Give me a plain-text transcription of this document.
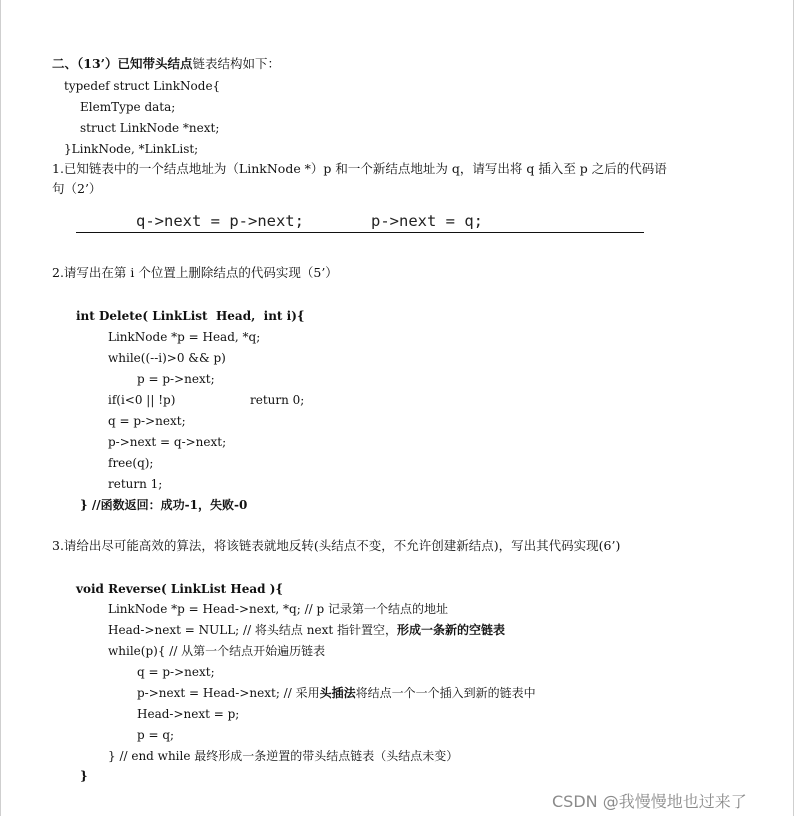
二、（13’）已知带头结点链表结构如下：
typedef struct LinkNode{
ElemType data;
struct LinkNode *next;
}LinkNode, *LinkList;
1.已知链表中的一个结点地址为（LinkNode *）p 和一个新结点地址为 q，请写出将 q 插入至 p 之后的代码语
句（2’）
q->next = p->next;	p->next = q;
2.请写出在第 i 个位置上删除结点的代码实现（5’）
int Delete( LinkList  Head,  int i){
LinkNode *p = Head, *q;
while((--i)>0 && p)
p = p->next;
if(i<0 || !p)	return 0;
q = p->next;
p->next = q->next;
free(q);
return 1;
} //函数返回：成功-1，失败-0
3.请给出尽可能高效的算法，将该链表就地反转(头结点不变，不允许创建新结点)，写出其代码实现(6’)
void Reverse( LinkList Head ){
LinkNode *p = Head->next, *q; // p 记录第一个结点的地址
Head->next = NULL; // 将头结点 next 指针置空，形成一条新的空链表
while(p){ // 从第一个结点开始遍历链表
q = p->next;
p->next = Head->next; // 采用头插法将结点一个一个插入到新的链表中
Head->next = p;
p = q;
} // end while 最终形成一条逆置的带头结点链表（头结点未变）
}
CSDN @我慢慢地也过来了
